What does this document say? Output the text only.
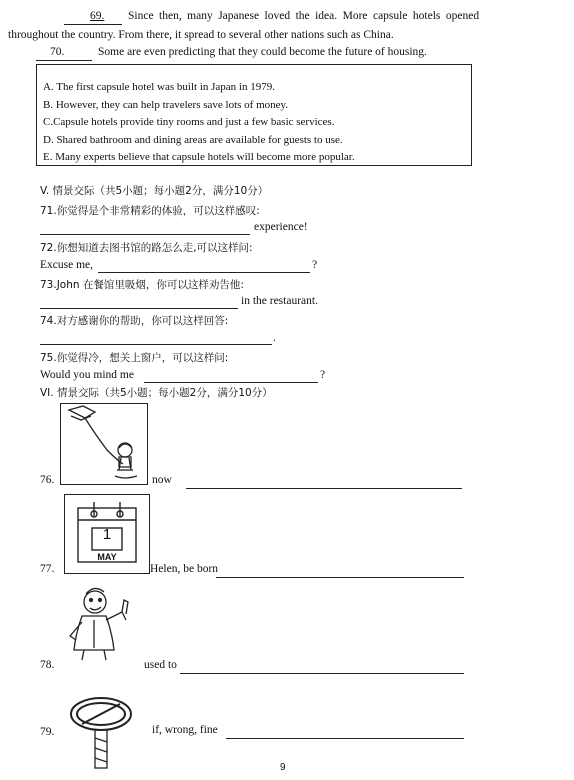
69. Since then, many Japanese loved the idea. More capsule hotels opened
throughout the country. From there, it spread to several other nations such as China.
70.	Some are even predicting that they could become the future of housing.
A. The first capsule hotel was built in Japan in 1979.
B. However, they can help travelers save lots of money.
C.Capsule hotels provide tiny rooms and just a few basic services.
D. Shared bathroom and dining areas are available for guests to use.
E. Many experts believe that capsule hotels will become more popular.
V. 情景交际（共5小题；每小题2分，满分10分）
71.你觉得是个非常精彩的体验，可以这样感叹:
experience!
72.你想知道去图书馆的路怎么走,可以这样问:
Excuse me,	?
73.John 在餐馆里吸烟，你可以这样劝告他:
in the restaurant.
74.对方感谢你的帮助，你可以这样回答:
.
75.你觉得冷，想关上窗户，可以这样问:
Would you mind me	?
VI. 情景交际（共5小题；每小题2分，满分10分）
76.	now
1
MAY
77.	Helen, be born
78.	used to
79.	if, wrong, fine
9
